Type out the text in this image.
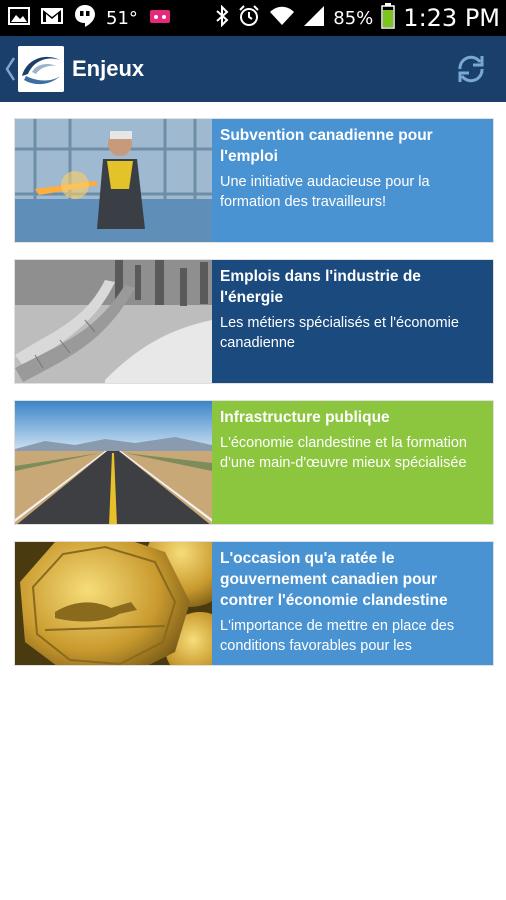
51°	85% 1:23 PM
Enjeux
Subvention canadienne pour l'emploi
Une initiative audacieuse pour la formation des travailleurs!
Emplois dans l'industrie de l'énergie
Les métiers spécialisés et l'économie canadienne
Infrastructure publique
L'économie clandestine et la formation d'une main-d'œuvre mieux spécialisée
L'occasion qu'a ratée le gouvernement canadien pour contrer l'économie clandestine
L'importance de mettre en place des conditions favorables pour les
